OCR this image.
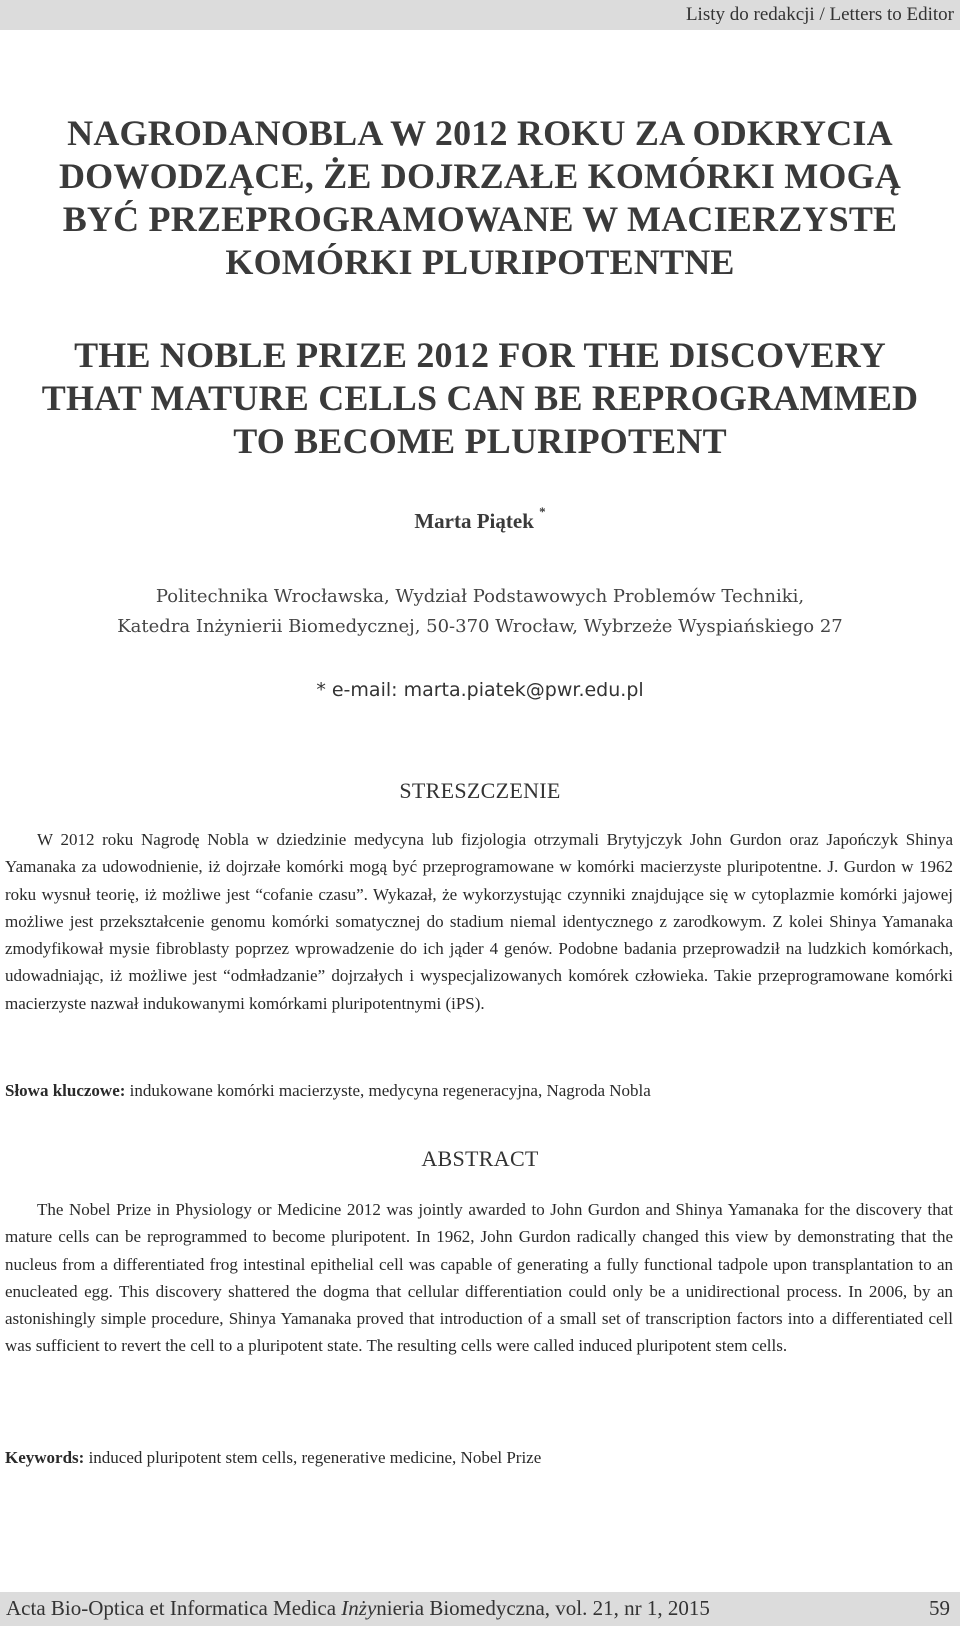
Listy do redakcji / Letters to Editor
NAGRODANOBLA W 2012 ROKU ZA ODKRYCIA
DOWODZĄCE, ŻE DOJRZAŁE KOMÓRKI MOGĄ
BYĆ PRZEPROGRAMOWANE W MACIERZYSTE
KOMÓRKI PLURIPOTENTNE
THE NOBLE PRIZE 2012 FOR THE DISCOVERY
THAT MATURE CELLS CAN BE REPROGRAMMED
TO BECOME PLURIPOTENT
Marta Piątek *
Politechnika Wrocławska, Wydział Podstawowych Problemów Techniki,
Katedra Inżynierii Biomedycznej, 50-370 Wrocław, Wybrzeże Wyspiańskiego 27
* e-mail: marta.piatek@pwr.edu.pl
STRESZCZENIE
W 2012 roku Nagrodę Nobla w dziedzinie medycyna lub fizjologia otrzymali Brytyjczyk John Gurdon oraz Japończyk Shinya Yamanaka za udowodnienie, iż dojrzałe komórki mogą być przeprogramowane w komórki macierzyste pluripotentne. J. Gurdon w 1962 roku wysnuł teorię, iż możliwe jest “cofanie czasu”. Wykazał, że wykorzystując czynniki znajdujące się w cytoplazmie komórki jajowej możliwe jest przekształcenie genomu komórki somatycznej do stadium niemal identycznego z zarodkowym. Z kolei Shinya Yamanaka zmodyfikował mysie fibroblasty poprzez wprowadzenie do ich jąder 4 genów. Podobne badania przeprowadził na ludzkich komórkach, udowadniając, iż możliwe jest “odmładzanie” dojrzałych i wyspecjalizowanych komórek człowieka. Takie przeprogramowane komórki macierzyste nazwał indukowanymi komórkami pluripotentnymi (iPS).
Słowa kluczowe: indukowane komórki macierzyste, medycyna regeneracyjna, Nagroda Nobla
ABSTRACT
The Nobel Prize in Physiology or Medicine 2012 was jointly awarded to John Gurdon and Shinya Yamanaka for the discovery that mature cells can be reprogrammed to become pluripotent. In 1962, John Gurdon radically changed this view by demonstrating that the nucleus from a differentiated frog intestinal epithelial cell was capable of generating a fully functional tadpole upon transplantation to an enucleated egg. This discovery shattered the dogma that cellular differentiation could only be a unidirectional process. In 2006, by an astonishingly simple procedure, Shinya Yamanaka proved that introduction of a small set of transcription factors into a differentiated cell was sufficient to revert the cell to a pluripotent state. The resulting cells were called induced pluripotent stem cells.
Keywords: induced pluripotent stem cells, regenerative medicine, Nobel Prize
Acta Bio-Optica et Informatica Medica Inżynieria Biomedyczna, vol. 21, nr 1, 2015	59
